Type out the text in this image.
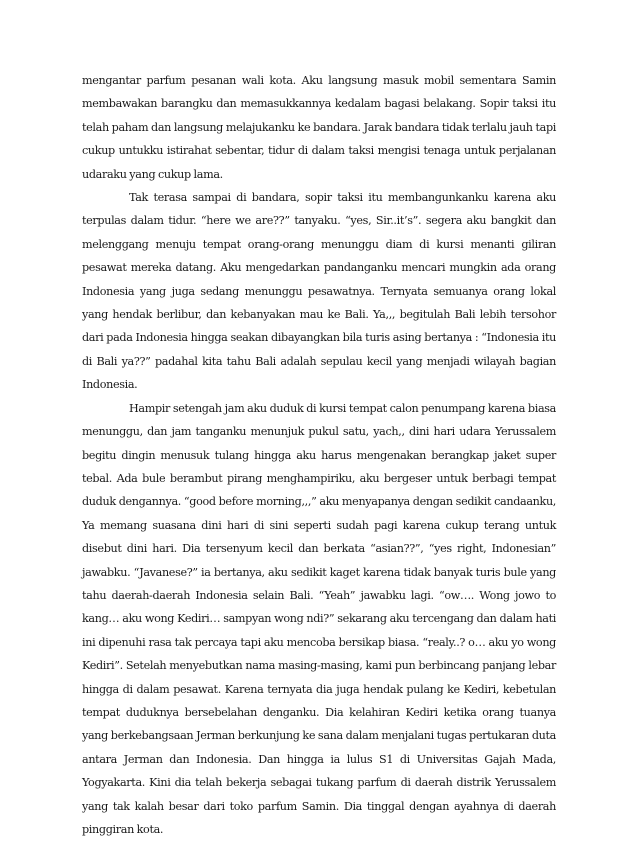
mengantar parfum pesanan wali kota. Aku langsung masuk mobil sementara Samin membawakan barangku dan memasukkannya kedalam bagasi belakang. Sopir taksi itu telah paham dan langsung melajukanku ke bandara. Jarak bandara tidak terlalu jauh tapi cukup untukku istirahat sebentar, tidur di dalam taksi mengisi tenaga untuk perjalanan udaraku yang cukup lama.

Tak terasa sampai di bandara, sopir taksi itu membangunkanku karena aku terpulas dalam tidur. “here we are??” tanyaku. “yes, Sir..it’s”. segera aku bangkit dan melenggang menuju tempat orang-orang menunggu diam di kursi menanti giliran pesawat mereka datang. Aku mengedarkan pandanganku mencari mungkin ada orang Indonesia yang juga sedang menunggu pesawatnya. Ternyata semuanya orang lokal yang hendak berlibur, dan kebanyakan mau ke Bali. Ya,,, begitulah Bali lebih tersohor dari pada Indonesia hingga seakan dibayangkan bila turis asing bertanya : “Indonesia itu di Bali ya??” padahal kita tahu Bali adalah sepulau kecil yang menjadi wilayah bagian Indonesia.

Hampir setengah jam aku duduk di kursi tempat calon penumpang karena biasa menunggu, dan jam tanganku menunjuk pukul satu, yach,, dini hari udara Yerussalem begitu dingin menusuk tulang hingga aku harus mengenakan berangkap jaket super tebal. Ada bule berambut pirang menghampiriku, aku bergeser untuk berbagi tempat duduk dengannya. “good before morning,,,” aku menyapanya dengan sedikit candaanku, Ya memang suasana dini hari di sini seperti sudah pagi karena cukup terang untuk disebut dini hari. Dia tersenyum kecil dan berkata “asian??”, “yes right, Indonesian” jawabku. “Javanese?” ia bertanya, aku sedikit kaget karena tidak banyak turis bule yang tahu daerah-daerah Indonesia selain Bali. “Yeah” jawabku lagi. “ow…. Wong jowo to kang… aku wong Kediri… sampyan wong ndi?” sekarang aku tercengang dan dalam hati ini dipenuhi rasa tak percaya tapi aku mencoba bersikap biasa. “realy..? o… aku yo wong Kediri”. Setelah menyebutkan nama masing-masing, kami pun berbincang panjang lebar hingga di dalam pesawat. Karena ternyata dia juga hendak pulang ke Kediri, kebetulan tempat duduknya bersebelahan denganku. Dia kelahiran Kediri ketika orang tuanya yang berkebangsaan Jerman berkunjung ke sana dalam menjalani tugas pertukaran duta antara Jerman dan Indonesia. Dan hingga ia lulus S1 di Universitas Gajah Mada, Yogyakarta. Kini dia telah bekerja sebagai tukang parfum di daerah distrik Yerussalem yang tak kalah besar dari toko parfum Samin. Dia tinggal dengan ayahnya di daerah pinggiran kota.
